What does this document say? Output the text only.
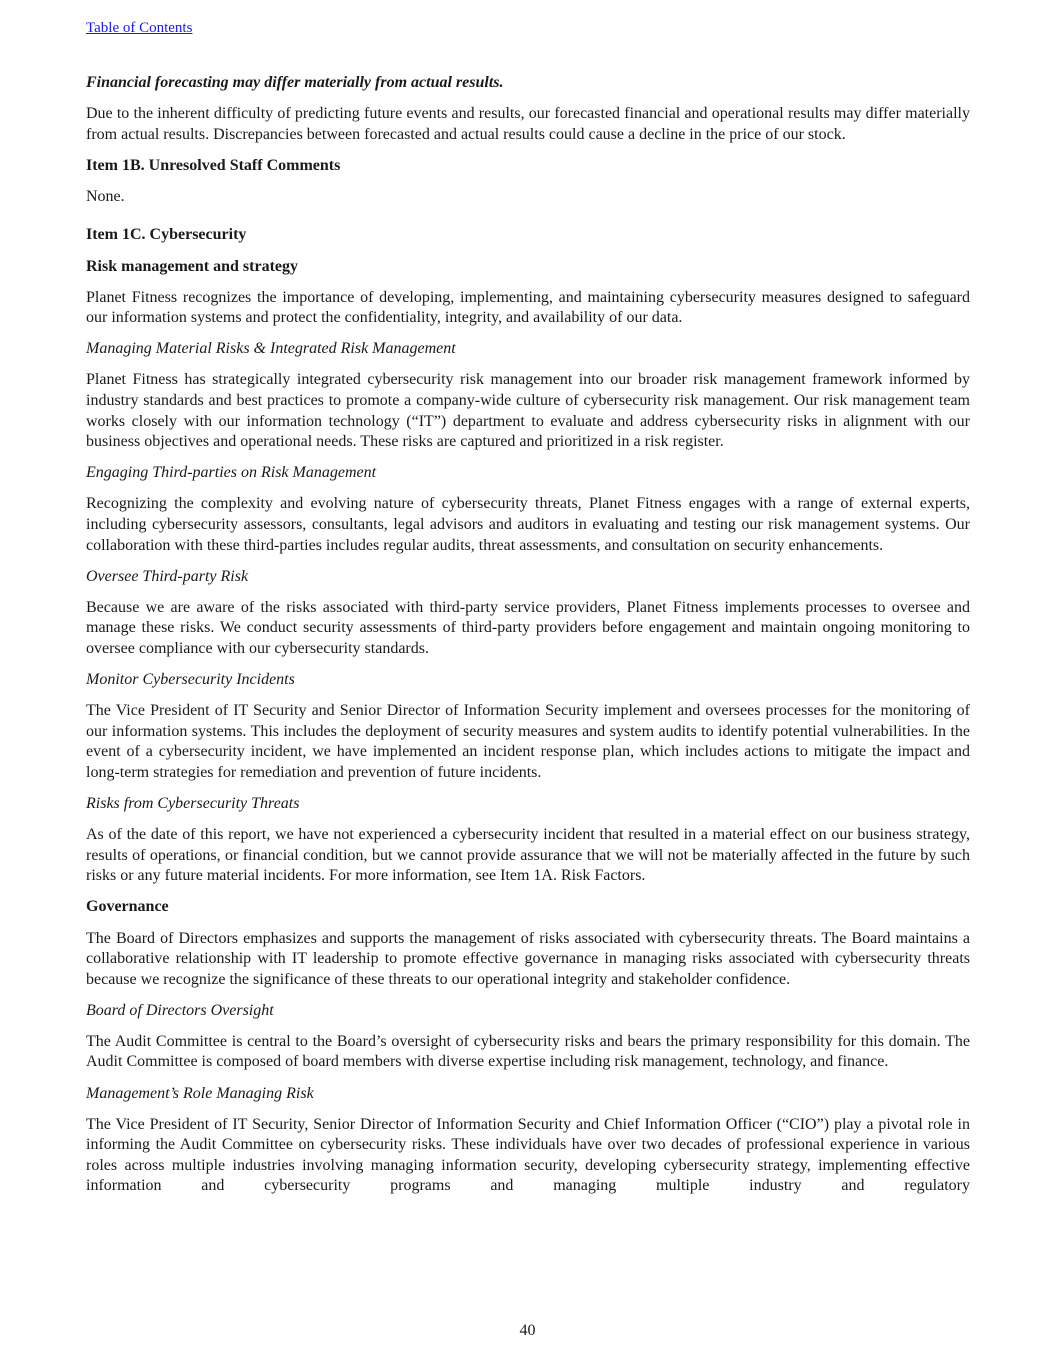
Table of Contents

Financial forecasting may differ materially from actual results.

Due to the inherent difficulty of predicting future events and results, our forecasted financial and operational results may differ materially from actual results. Discrepancies between forecasted and actual results could cause a decline in the price of our stock.

Item 1B. Unresolved Staff Comments

None.

Item 1C. Cybersecurity

Risk management and strategy

Planet Fitness recognizes the importance of developing, implementing, and maintaining cybersecurity measures designed to safeguard our information systems and protect the confidentiality, integrity, and availability of our data.

Managing Material Risks & Integrated Risk Management

Planet Fitness has strategically integrated cybersecurity risk management into our broader risk management framework informed by industry standards and best practices to promote a company-wide culture of cybersecurity risk management. Our risk management team works closely with our information technology (“IT”) department to evaluate and address cybersecurity risks in alignment with our business objectives and operational needs. These risks are captured and prioritized in a risk register.

Engaging Third-parties on Risk Management

Recognizing the complexity and evolving nature of cybersecurity threats, Planet Fitness engages with a range of external experts, including cybersecurity assessors, consultants, legal advisors and auditors in evaluating and testing our risk management systems. Our collaboration with these third-parties includes regular audits, threat assessments, and consultation on security enhancements.

Oversee Third-party Risk

Because we are aware of the risks associated with third-party service providers, Planet Fitness implements processes to oversee and manage these risks. We conduct security assessments of third-party providers before engagement and maintain ongoing monitoring to oversee compliance with our cybersecurity standards.

Monitor Cybersecurity Incidents

The Vice President of IT Security and Senior Director of Information Security implement and oversees processes for the monitoring of our information systems. This includes the deployment of security measures and system audits to identify potential vulnerabilities. In the event of a cybersecurity incident, we have implemented an incident response plan, which includes actions to mitigate the impact and long-term strategies for remediation and prevention of future incidents.

Risks from Cybersecurity Threats

As of the date of this report, we have not experienced a cybersecurity incident that resulted in a material effect on our business strategy, results of operations, or financial condition, but we cannot provide assurance that we will not be materially affected in the future by such risks or any future material incidents. For more information, see Item 1A. Risk Factors.

Governance

The Board of Directors emphasizes and supports the management of risks associated with cybersecurity threats. The Board maintains a collaborative relationship with IT leadership to promote effective governance in managing risks associated with cybersecurity threats because we recognize the significance of these threats to our operational integrity and stakeholder confidence.

Board of Directors Oversight

The Audit Committee is central to the Board’s oversight of cybersecurity risks and bears the primary responsibility for this domain. The Audit Committee is composed of board members with diverse expertise including risk management, technology, and finance.

Management’s Role Managing Risk

The Vice President of IT Security, Senior Director of Information Security and Chief Information Officer (“CIO”) play a pivotal role in informing the Audit Committee on cybersecurity risks. These individuals have over two decades of professional experience in various roles across multiple industries involving managing information security, developing cybersecurity strategy, implementing effective information and cybersecurity programs and managing multiple industry and regulatory

40
